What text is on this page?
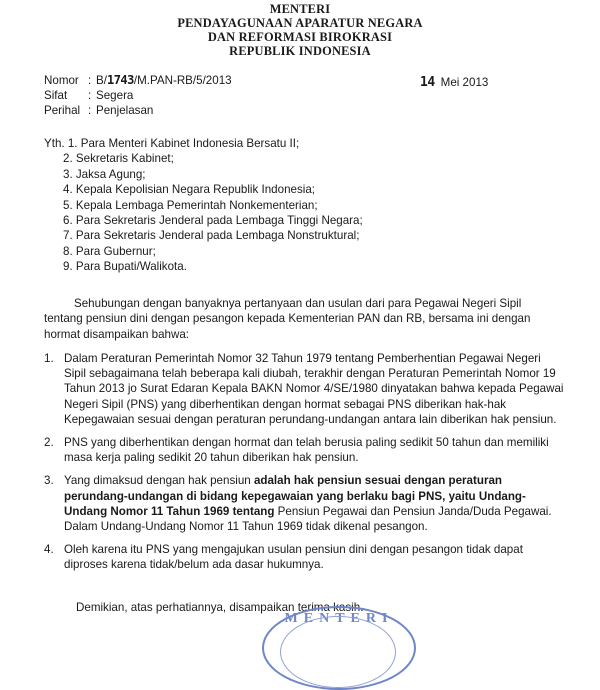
MENTERI
PENDAYAGUNAAN APARATUR NEGARA
DAN REFORMASI BIROKRASI
REPUBLIK INDONESIA
Nomor : B/ 1743 /M.PAN-RB/5/2013
Sifat	: Segera
Perihal : Penjelasan
14 Mei 2013
Yth. 1. Para Menteri Kabinet Indonesia Bersatu II;
2. Sekretaris Kabinet;
3. Jaksa Agung;
4. Kepala Kepolisian Negara Republik Indonesia;
5. Kepala Lembaga Pemerintah Nonkementerian;
6. Para Sekretaris Jenderal pada Lembaga Tinggi Negara;
7. Para Sekretaris Jenderal pada Lembaga Nonstruktural;
8. Para Gubernur;
9. Para Bupati/Walikota.
Sehubungan dengan banyaknya pertanyaan dan usulan dari para Pegawai Negeri Sipil tentang pensiun dini dengan pesangon kepada Kementerian PAN dan RB, bersama ini dengan hormat disampaikan bahwa:
1. Dalam Peraturan Pemerintah Nomor 32 Tahun 1979 tentang Pemberhentian Pegawai Negeri Sipil sebagaimana telah beberapa kali diubah, terakhir dengan Peraturan Pemerintah Nomor 19 Tahun 2013 jo Surat Edaran Kepala BAKN Nomor 4/SE/1980 dinyatakan bahwa kepada Pegawai Negeri Sipil (PNS) yang diberhentikan dengan hormat sebagai PNS diberikan hak-hak Kepegawaian sesuai dengan peraturan perundang-undangan antara lain diberikan hak pensiun.
2. PNS yang diberhentikan dengan hormat dan telah berusia paling sedikit 50 tahun dan memiliki masa kerja paling sedikit 20 tahun diberikan hak pensiun.
3. Yang dimaksud dengan hak pensiun adalah hak pensiun sesuai dengan peraturan perundang-undangan di bidang kepegawaian yang berlaku bagi PNS, yaitu Undang-Undang Nomor 11 Tahun 1969 tentang Pensiun Pegawai dan Pensiun Janda/Duda Pegawai.
Dalam Undang-Undang Nomor 11 Tahun 1969 tidak dikenal pesangon.
4. Oleh karena itu PNS yang mengajukan usulan pensiun dini dengan pesangon tidak dapat diproses karena tidak/belum ada dasar hukumnya.
Demikian, atas perhatiannya, disampaikan terima kasih.
MENTERI
